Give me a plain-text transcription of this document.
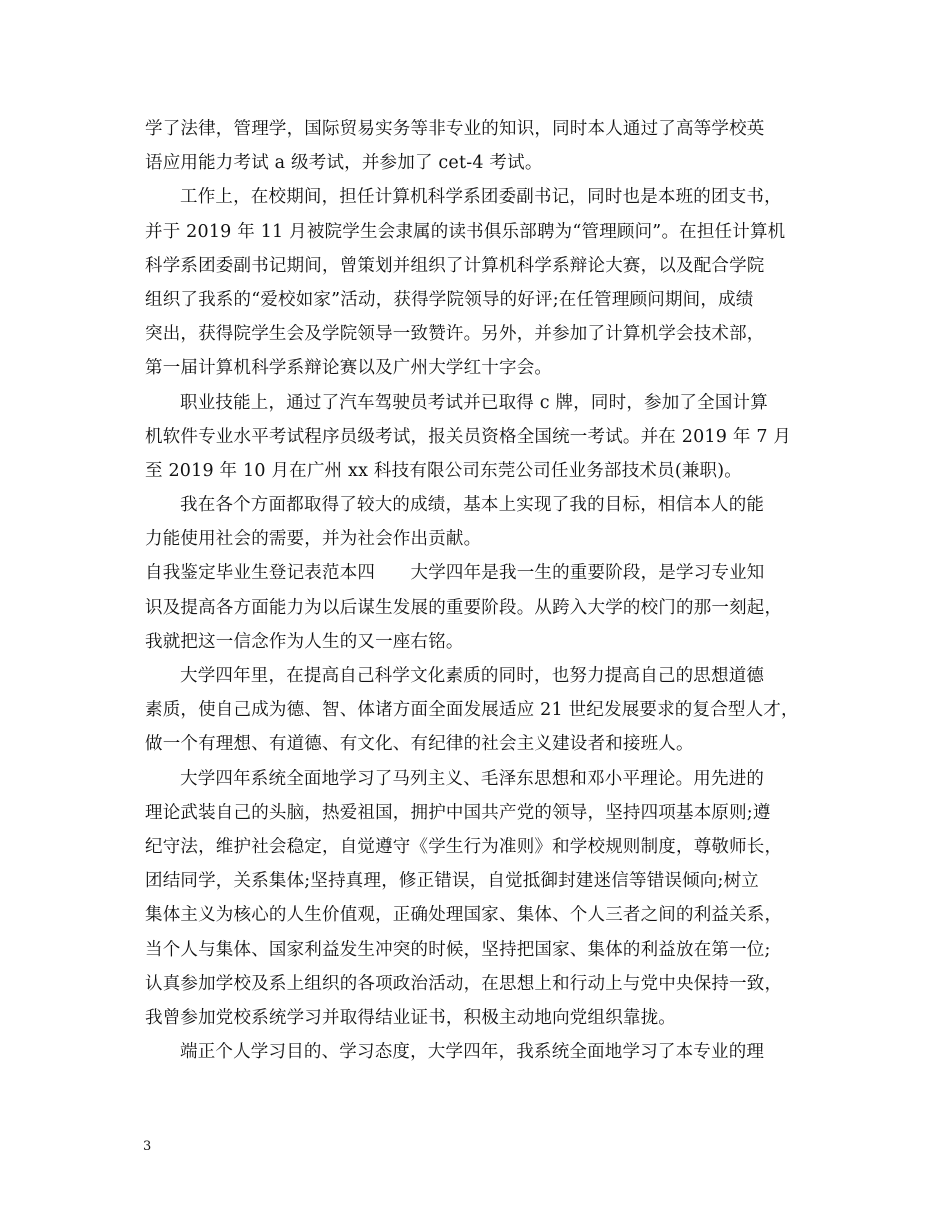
学了法律，管理学，国际贸易实务等非专业的知识，同时本人通过了高等学校英
语应用能力考试 a 级考试，并参加了 cet-4 考试。
工作上，在校期间，担任计算机科学系团委副书记，同时也是本班的团支书，
并于 2019 年 11 月被院学生会隶属的读书俱乐部聘为“管理顾问”。在担任计算机
科学系团委副书记期间，曾策划并组织了计算机科学系辩论大赛，以及配合学院
组织了我系的“爱校如家”活动，获得学院领导的好评;在任管理顾问期间，成绩
突出，获得院学生会及学院领导一致赞许。另外，并参加了计算机学会技术部，
第一届计算机科学系辩论赛以及广州大学红十字会。
职业技能上，通过了汽车驾驶员考试并已取得 c 牌，同时，参加了全国计算
机软件专业水平考试程序员级考试，报关员资格全国统一考试。并在 2019 年 7 月
至 2019 年 10 月在广州 xx 科技有限公司东莞公司任业务部技术员(兼职)。
我在各个方面都取得了较大的成绩，基本上实现了我的目标，相信本人的能
力能使用社会的需要，并为社会作出贡献。
自我鉴定毕业生登记表范本四　　大学四年是我一生的重要阶段，是学习专业知
识及提高各方面能力为以后谋生发展的重要阶段。从跨入大学的校门的那一刻起，
我就把这一信念作为人生的又一座右铭。
大学四年里，在提高自己科学文化素质的同时，也努力提高自己的思想道德
素质，使自己成为德、智、体诸方面全面发展适应 21 世纪发展要求的复合型人才，
做一个有理想、有道德、有文化、有纪律的社会主义建设者和接班人。
大学四年系统全面地学习了马列主义、毛泽东思想和邓小平理论。用先进的
理论武装自己的头脑，热爱祖国，拥护中国共产党的领导，坚持四项基本原则;遵
纪守法，维护社会稳定，自觉遵守《学生行为准则》和学校规则制度，尊敬师长，
团结同学，关系集体;坚持真理，修正错误，自觉抵御封建迷信等错误倾向;树立
集体主义为核心的人生价值观，正确处理国家、集体、个人三者之间的利益关系，
当个人与集体、国家利益发生冲突的时候，坚持把国家、集体的利益放在第一位;
认真参加学校及系上组织的各项政治活动，在思想上和行动上与党中央保持一致，
我曾参加党校系统学习并取得结业证书，积极主动地向党组织靠拢。
端正个人学习目的、学习态度，大学四年，我系统全面地学习了本专业的理
3
